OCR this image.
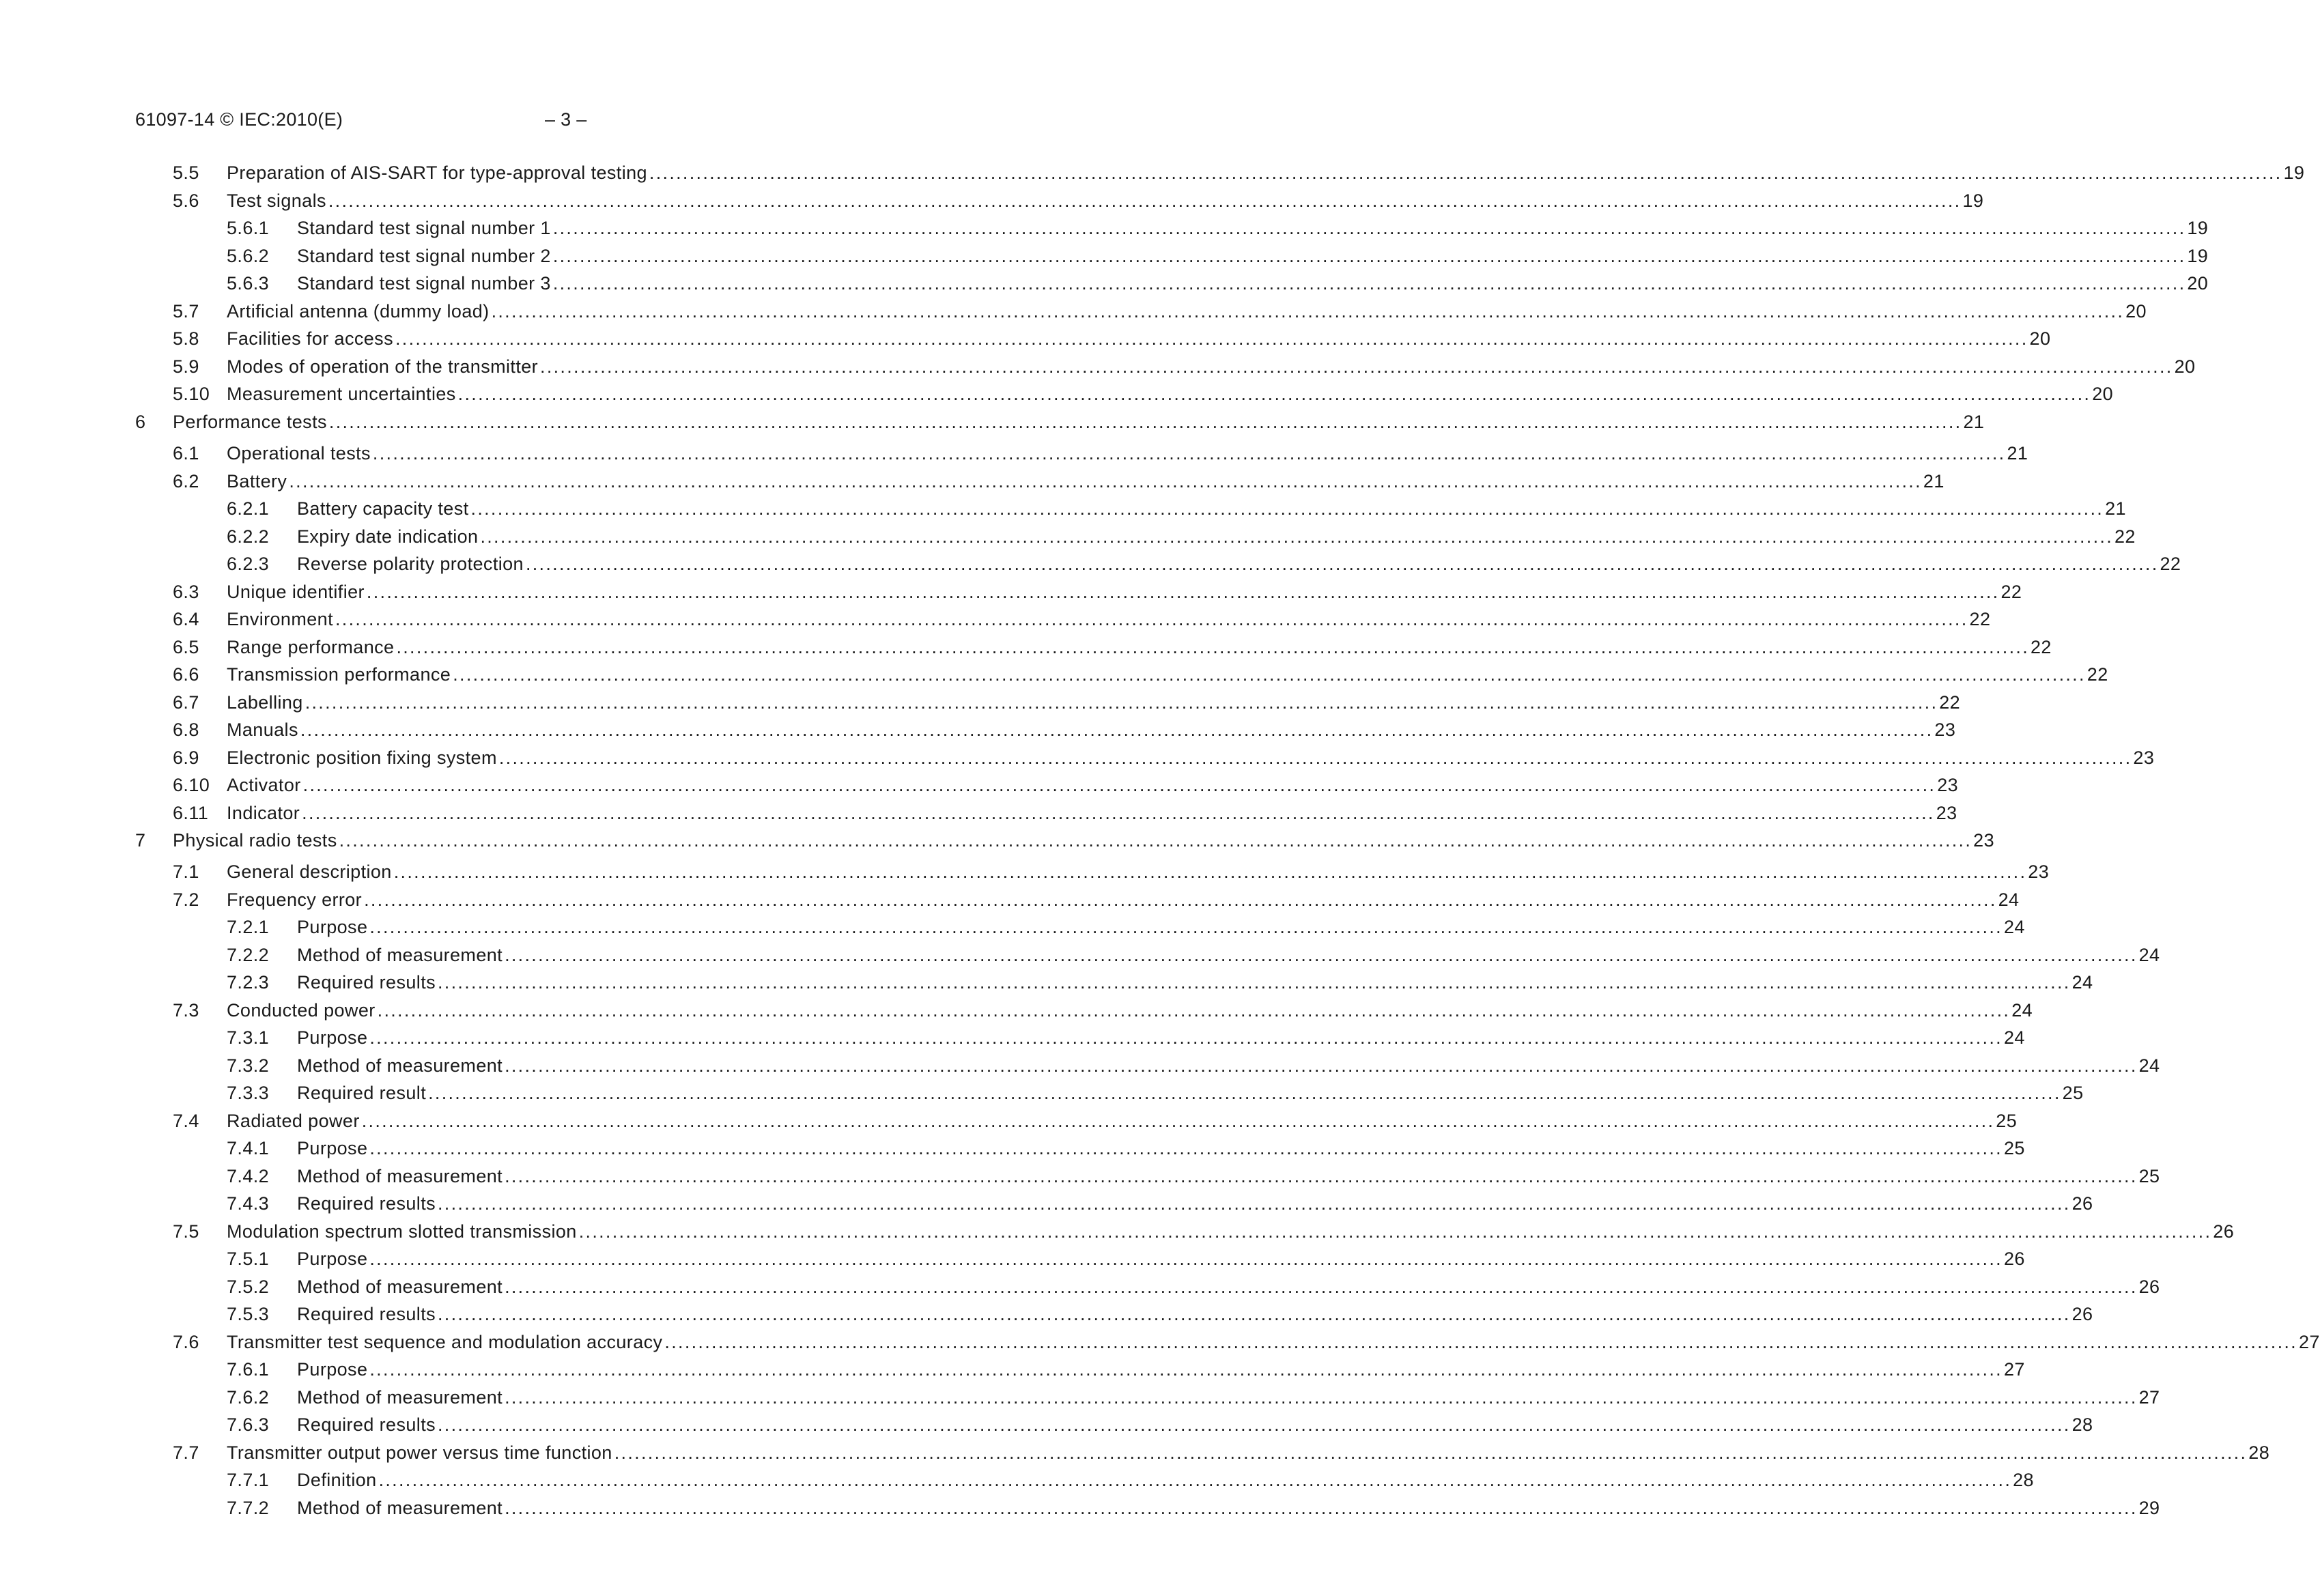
61097-14 © IEC:2010(E)	– 3 –
5.5 Preparation of AIS-SART for type-approval testing .................................................................................................................................................................................................................................................... 19
5.6 Test signals .................................................................................................................................................................................................................................................... 19
5.6.1 Standard test signal number 1 .................................................................................................................................................................................................................................................... 19
5.6.2 Standard test signal number 2 .................................................................................................................................................................................................................................................... 19
5.6.3 Standard test signal number 3 .................................................................................................................................................................................................................................................... 20
5.7 Artificial antenna (dummy load) .................................................................................................................................................................................................................................................... 20
5.8 Facilities for access .................................................................................................................................................................................................................................................... 20
5.9 Modes of operation of the transmitter .................................................................................................................................................................................................................................................... 20
5.10 Measurement uncertainties .................................................................................................................................................................................................................................................... 20
6 Performance tests .................................................................................................................................................................................................................................................... 21
6.1 Operational tests .................................................................................................................................................................................................................................................... 21
6.2 Battery .................................................................................................................................................................................................................................................... 21
6.2.1 Battery capacity test .................................................................................................................................................................................................................................................... 21
6.2.2 Expiry date indication .................................................................................................................................................................................................................................................... 22
6.2.3 Reverse polarity protection .................................................................................................................................................................................................................................................... 22
6.3 Unique identifier .................................................................................................................................................................................................................................................... 22
6.4 Environment .................................................................................................................................................................................................................................................... 22
6.5 Range performance .................................................................................................................................................................................................................................................... 22
6.6 Transmission performance .................................................................................................................................................................................................................................................... 22
6.7 Labelling .................................................................................................................................................................................................................................................... 22
6.8 Manuals .................................................................................................................................................................................................................................................... 23
6.9 Electronic position fixing system .................................................................................................................................................................................................................................................... 23
6.10 Activator .................................................................................................................................................................................................................................................... 23
6.11 Indicator .................................................................................................................................................................................................................................................... 23
7 Physical radio tests .................................................................................................................................................................................................................................................... 23
7.1 General description .................................................................................................................................................................................................................................................... 23
7.2 Frequency error .................................................................................................................................................................................................................................................... 24
7.2.1 Purpose .................................................................................................................................................................................................................................................... 24
7.2.2 Method of measurement .................................................................................................................................................................................................................................................... 24
7.2.3 Required results .................................................................................................................................................................................................................................................... 24
7.3 Conducted power .................................................................................................................................................................................................................................................... 24
7.3.1 Purpose .................................................................................................................................................................................................................................................... 24
7.3.2 Method of measurement .................................................................................................................................................................................................................................................... 24
7.3.3 Required result .................................................................................................................................................................................................................................................... 25
7.4 Radiated power .................................................................................................................................................................................................................................................... 25
7.4.1 Purpose .................................................................................................................................................................................................................................................... 25
7.4.2 Method of measurement .................................................................................................................................................................................................................................................... 25
7.4.3 Required results .................................................................................................................................................................................................................................................... 26
7.5 Modulation spectrum slotted transmission .................................................................................................................................................................................................................................................... 26
7.5.1 Purpose .................................................................................................................................................................................................................................................... 26
7.5.2 Method of measurement .................................................................................................................................................................................................................................................... 26
7.5.3 Required results .................................................................................................................................................................................................................................................... 26
7.6 Transmitter test sequence and modulation accuracy .................................................................................................................................................................................................................................................... 27
7.6.1 Purpose .................................................................................................................................................................................................................................................... 27
7.6.2 Method of measurement .................................................................................................................................................................................................................................................... 27
7.6.3 Required results .................................................................................................................................................................................................................................................... 28
7.7 Transmitter output power versus time function .................................................................................................................................................................................................................................................... 28
7.7.1 Definition .................................................................................................................................................................................................................................................... 28
7.7.2 Method of measurement .................................................................................................................................................................................................................................................... 29
